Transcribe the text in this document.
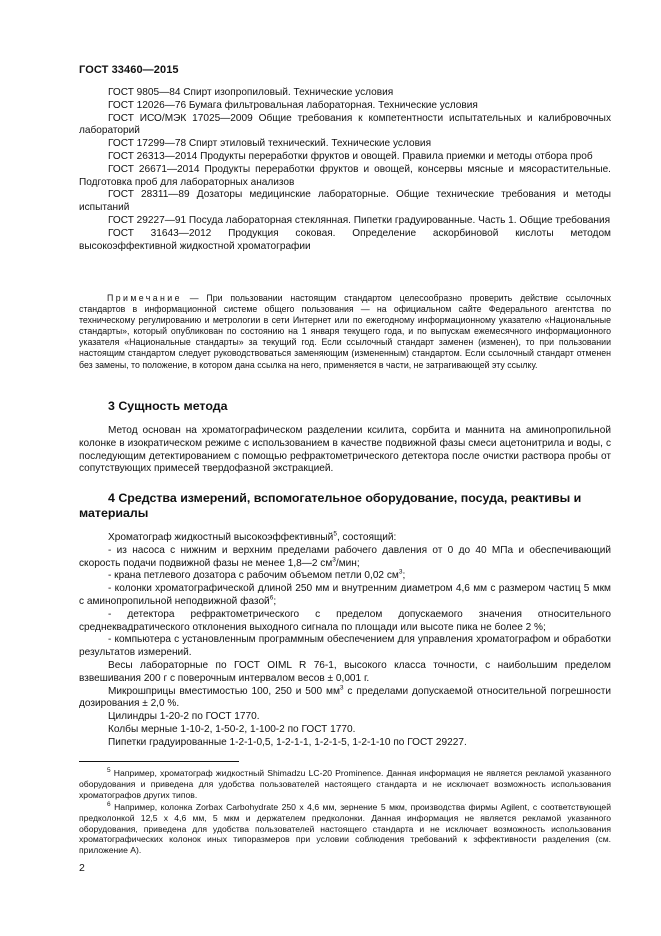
ГОСТ 33460—2015

ГОСТ 9805—84 Спирт изопропиловый. Технические условия

ГОСТ 12026—76 Бумага фильтровальная лабораторная. Технические условия

ГОСТ ИСО/МЭК 17025—2009 Общие требования к компетентности испытательных и калибровочных лабораторий

ГОСТ 17299—78 Спирт этиловый технический. Технические условия

ГОСТ 26313—2014 Продукты переработки фруктов и овощей. Правила приемки и методы отбора проб

ГОСТ 26671—2014 Продукты переработки фруктов и овощей, консервы мясные и мясорастительные. Подготовка проб для лабораторных анализов

ГОСТ 28311—89 Дозаторы медицинские лабораторные. Общие технические требования и методы испытаний

ГОСТ 29227—91 Посуда лабораторная стеклянная. Пипетки градуированные. Часть 1. Общие требования

ГОСТ 31643—2012 Продукция соковая. Определение аскорбиновой кислоты методом высокоэффективной жидкостной хроматографии

Примечание — При пользовании настоящим стандартом целесообразно проверить действие ссылочных стандартов в информационной системе общего пользования — на официальном сайте Федерального агентства по техническому регулированию и метрологии в сети Интернет или по ежегодному информационному указателю «Национальные стандарты», который опубликован по состоянию на 1 января текущего года, и по выпускам ежемесячного информационного указателя «Национальные стандарты» за текущий год. Если ссылочный стандарт заменен (изменен), то при пользовании настоящим стандартом следует руководствоваться заменяющим (измененным) стандартом. Если ссылочный стандарт отменен без замены, то положение, в котором дана ссылка на него, применяется в части, не затрагивающей эту ссылку.

3 Сущность метода

Метод основан на хроматографическом разделении ксилита, сорбита и маннита на аминопропильной колонке в изократическом режиме с использованием в качестве подвижной фазы смеси ацетонитрила и воды, с последующим детектированием с помощью рефрактометрического детектора после очистки раствора пробы от сопутствующих примесей твердофазной экстракцией.

4 Средства измерений, вспомогательное оборудование, посуда, реактивы и материалы

Хроматограф жидкостный высокоэффективный$^5$, состоящий:

- из насоса с нижним и верхним пределами рабочего давления от 0 до 40 МПа и обеспечивающий скорость подачи подвижной фазы не менее 1,8—2 $см^3$/мин;

- крана петлевого дозатора с рабочим объемом петли 0,02 $см^3$;

- колонки хроматографической длиной 250 мм и внутренним диаметром 4,6 мм с размером частиц 5 мкм с аминопропильной неподвижной фазой$^6$;

- детектора рефрактометрического с пределом допускаемого значения относительного среднеквадратического отклонения выходного сигнала по площади или высоте пика не более 2 %;

- компьютера с установленным программным обеспечением для управления хроматографом и обработки результатов измерений.

Весы лабораторные по ГОСТ OIML R 76-1, высокого класса точности, с наибольшим пределом взвешивания 200 г с поверочным интервалом весов ± 0,001 г.

Микрошприцы вместимостью 100, 250 и 500 $мм^3$ с пределами допускаемой относительной погрешности дозирования ± 2,0 %.

Цилиндры 1-20-2 по ГОСТ 1770.

Колбы мерные 1-10-2, 1-50-2, 1-100-2 по ГОСТ 1770.

Пипетки градуированные 1-2-1-0,5, 1-2-1-1, 1-2-1-5, 1-2-1-10 по ГОСТ 29227.

$^5$ Например, хроматограф жидкостный Shimadzu LC-20 Prominence. Данная информация не является рекламой указанного оборудования и приведена для удобства пользователей настоящего стандарта и не исключает возможность использования хроматографов других типов.

$^6$ Например, колонка Zorbax Carbohydrate 250 x 4,6 мм, зернение 5 мкм, производства фирмы Agilent, с соответствующей предколонкой 12,5 x 4,6 мм, 5 мкм и держателем предколонки. Данная информация не является рекламой указанного оборудования, приведена для удобства пользователей настоящего стандарта и не исключает возможность использования хроматографических колонок иных типоразмеров при условии соблюдения требований к эффективности разделения (см. приложение А).

2
